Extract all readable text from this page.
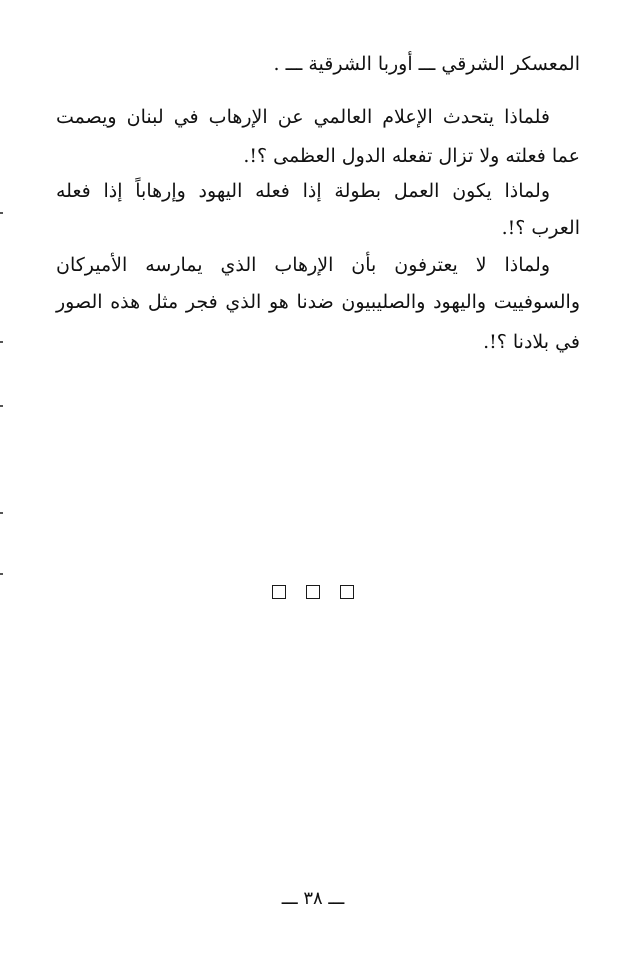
المعسكر الشرقي ـــ أوربا الشرقية ـــ .
فلماذا يتحدث الإعلام العالمي عن الإرهاب في لبنان ويصمت
عما فعلته ولا تزال تفعله الدول العظمى ؟!.
ولماذا يكون العمل بطولة إذا فعله اليهود وإرهاباً إذا فعله
العرب ؟!.
ولماذا لا يعترفون بأن الإرهاب الذي يمارسه الأميركان
والسوفييت واليهود والصليبيون ضدنا هو الذي فجر مثل هذه الصور
في بلادنا ؟!.
ـــ ٣٨ ـــ
